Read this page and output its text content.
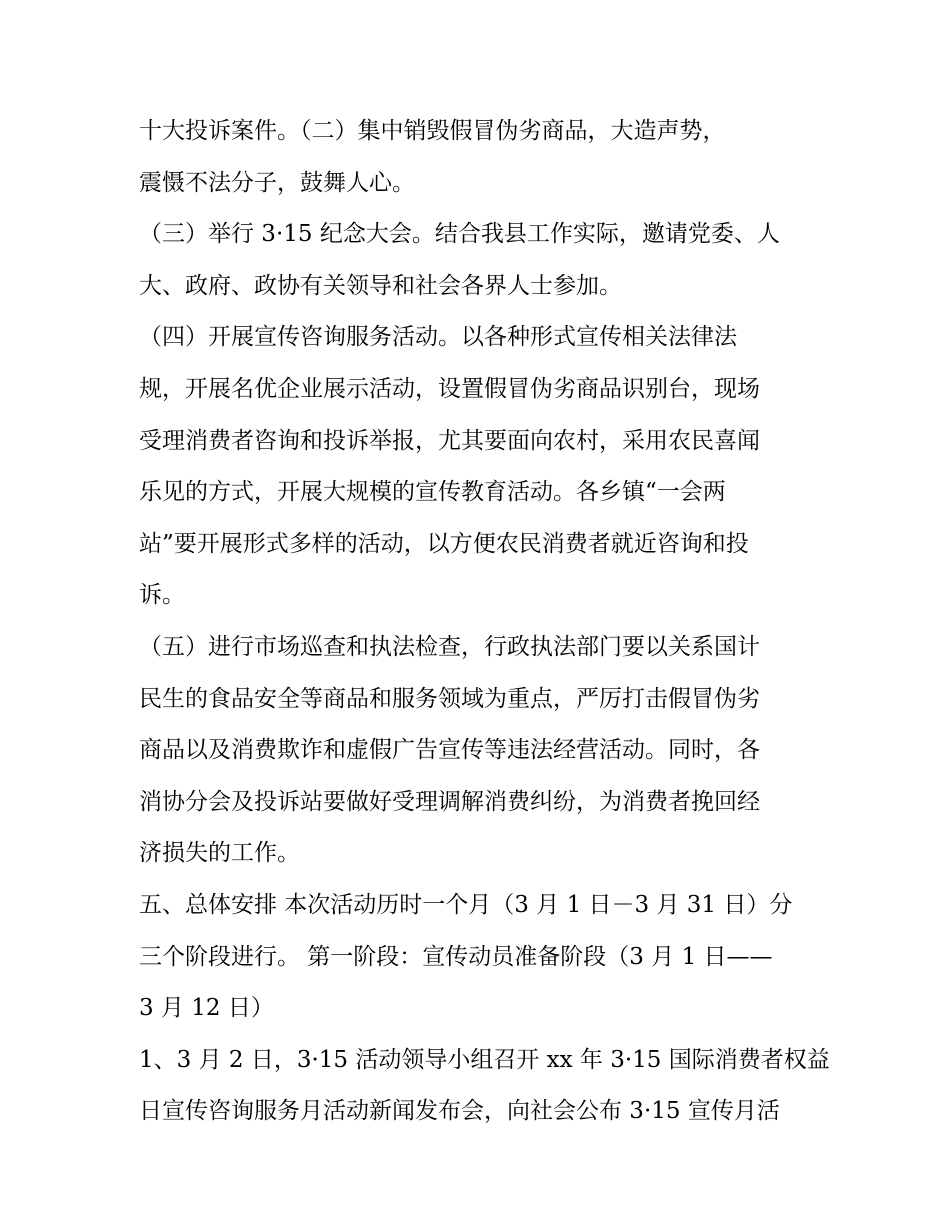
十大投诉案件。（二）集中销毁假冒伪劣商品，大造声势，
震慑不法分子，鼓舞人心。
（三）举行 3·15 纪念大会。结合我县工作实际，邀请党委、人
大、政府、政协有关领导和社会各界人士参加。
（四）开展宣传咨询服务活动。以各种形式宣传相关法律法
规，开展名优企业展示活动，设置假冒伪劣商品识别台，现场
受理消费者咨询和投诉举报，尤其要面向农村，采用农民喜闻
乐见的方式，开展大规模的宣传教育活动。各乡镇“一会两
站”要开展形式多样的活动，以方便农民消费者就近咨询和投
诉。
（五）进行市场巡查和执法检查，行政执法部门要以关系国计
民生的食品安全等商品和服务领域为重点，严厉打击假冒伪劣
商品以及消费欺诈和虚假广告宣传等违法经营活动。同时，各
消协分会及投诉站要做好受理调解消费纠纷，为消费者挽回经
济损失的工作。
五、总体安排 本次活动历时一个月（3 月 1 日－3 月 31 日）分
三个阶段进行。 第一阶段：宣传动员准备阶段（3 月 1 日——
3 月 12 日）
1、3 月 2 日，3·15 活动领导小组召开 xx 年 3·15 国际消费者权益
日宣传咨询服务月活动新闻发布会，向社会公布 3·15 宣传月活
